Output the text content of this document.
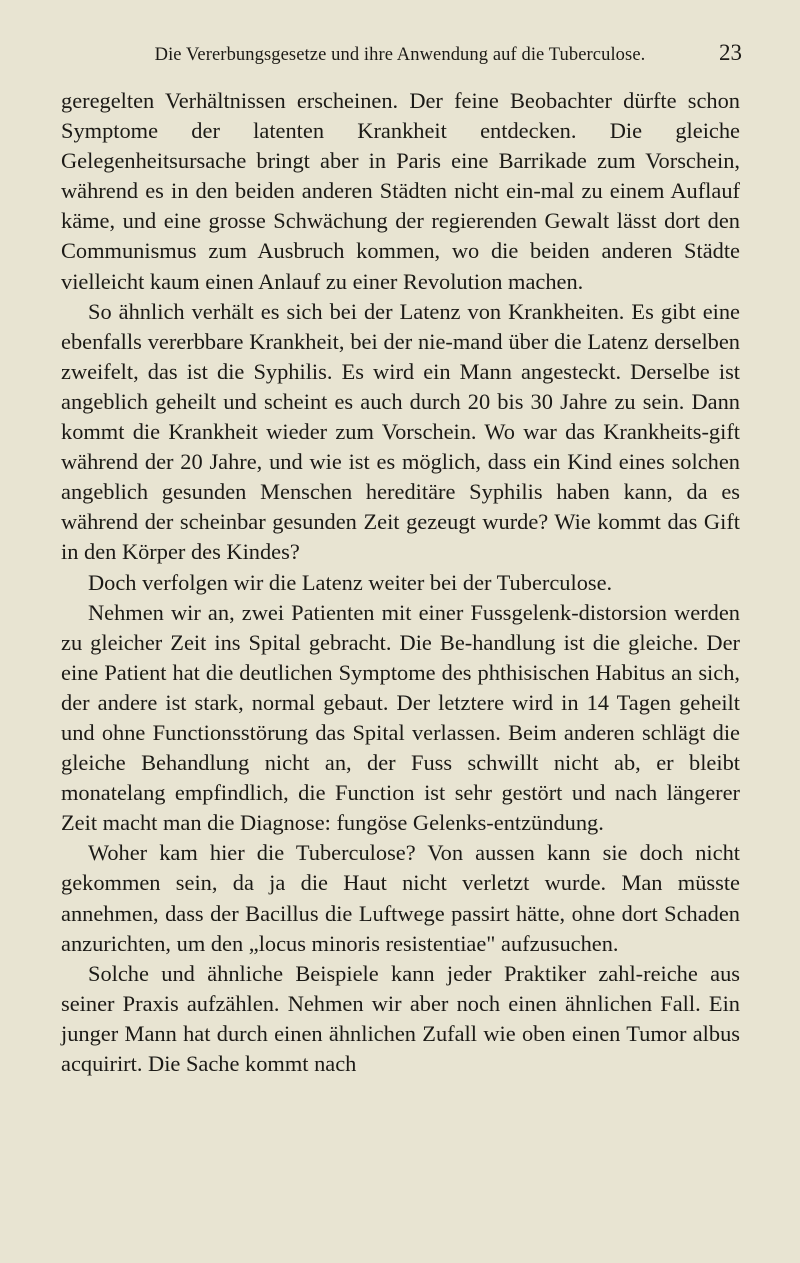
Die Vererbungsgesetze und ihre Anwendung auf die Tuberculose.	23

geregelten Verhältnissen erscheinen. Der feine Beobachter dürfte schon Symptome der latenten Krankheit entdecken. Die gleiche Gelegenheitsursache bringt aber in Paris eine Barrikade zum Vorschein, während es in den beiden anderen Städten nicht ein-mal zu einem Auflauf käme, und eine grosse Schwächung der regierenden Gewalt lässt dort den Communismus zum Ausbruch kommen, wo die beiden anderen Städte vielleicht kaum einen Anlauf zu einer Revolution machen.

So ähnlich verhält es sich bei der Latenz von Krankheiten. Es gibt eine ebenfalls vererbbare Krankheit, bei der nie-mand über die Latenz derselben zweifelt, das ist die Syphilis. Es wird ein Mann angesteckt. Derselbe ist angeblich geheilt und scheint es auch durch 20 bis 30 Jahre zu sein. Dann kommt die Krankheit wieder zum Vorschein. Wo war das Krankheits-gift während der 20 Jahre, und wie ist es möglich, dass ein Kind eines solchen angeblich gesunden Menschen hereditäre Syphilis haben kann, da es während der scheinbar gesunden Zeit gezeugt wurde? Wie kommt das Gift in den Körper des Kindes?

Doch verfolgen wir die Latenz weiter bei der Tuberculose.

Nehmen wir an, zwei Patienten mit einer Fussgelenk-distorsion werden zu gleicher Zeit ins Spital gebracht. Die Be-handlung ist die gleiche. Der eine Patient hat die deutlichen Symptome des phthisischen Habitus an sich, der andere ist stark, normal gebaut. Der letztere wird in 14 Tagen geheilt und ohne Functionsstörung das Spital verlassen. Beim anderen schlägt die gleiche Behandlung nicht an, der Fuss schwillt nicht ab, er bleibt monatelang empfindlich, die Function ist sehr gestört und nach längerer Zeit macht man die Diagnose: fungöse Gelenks-entzündung.

Woher kam hier die Tuberculose? Von aussen kann sie doch nicht gekommen sein, da ja die Haut nicht verletzt wurde. Man müsste annehmen, dass der Bacillus die Luftwege passirt hätte, ohne dort Schaden anzurichten, um den „locus minoris resistentiae" aufzusuchen.

Solche und ähnliche Beispiele kann jeder Praktiker zahl-reiche aus seiner Praxis aufzählen. Nehmen wir aber noch einen ähnlichen Fall. Ein junger Mann hat durch einen ähnlichen Zufall wie oben einen Tumor albus acquirirt. Die Sache kommt nach
